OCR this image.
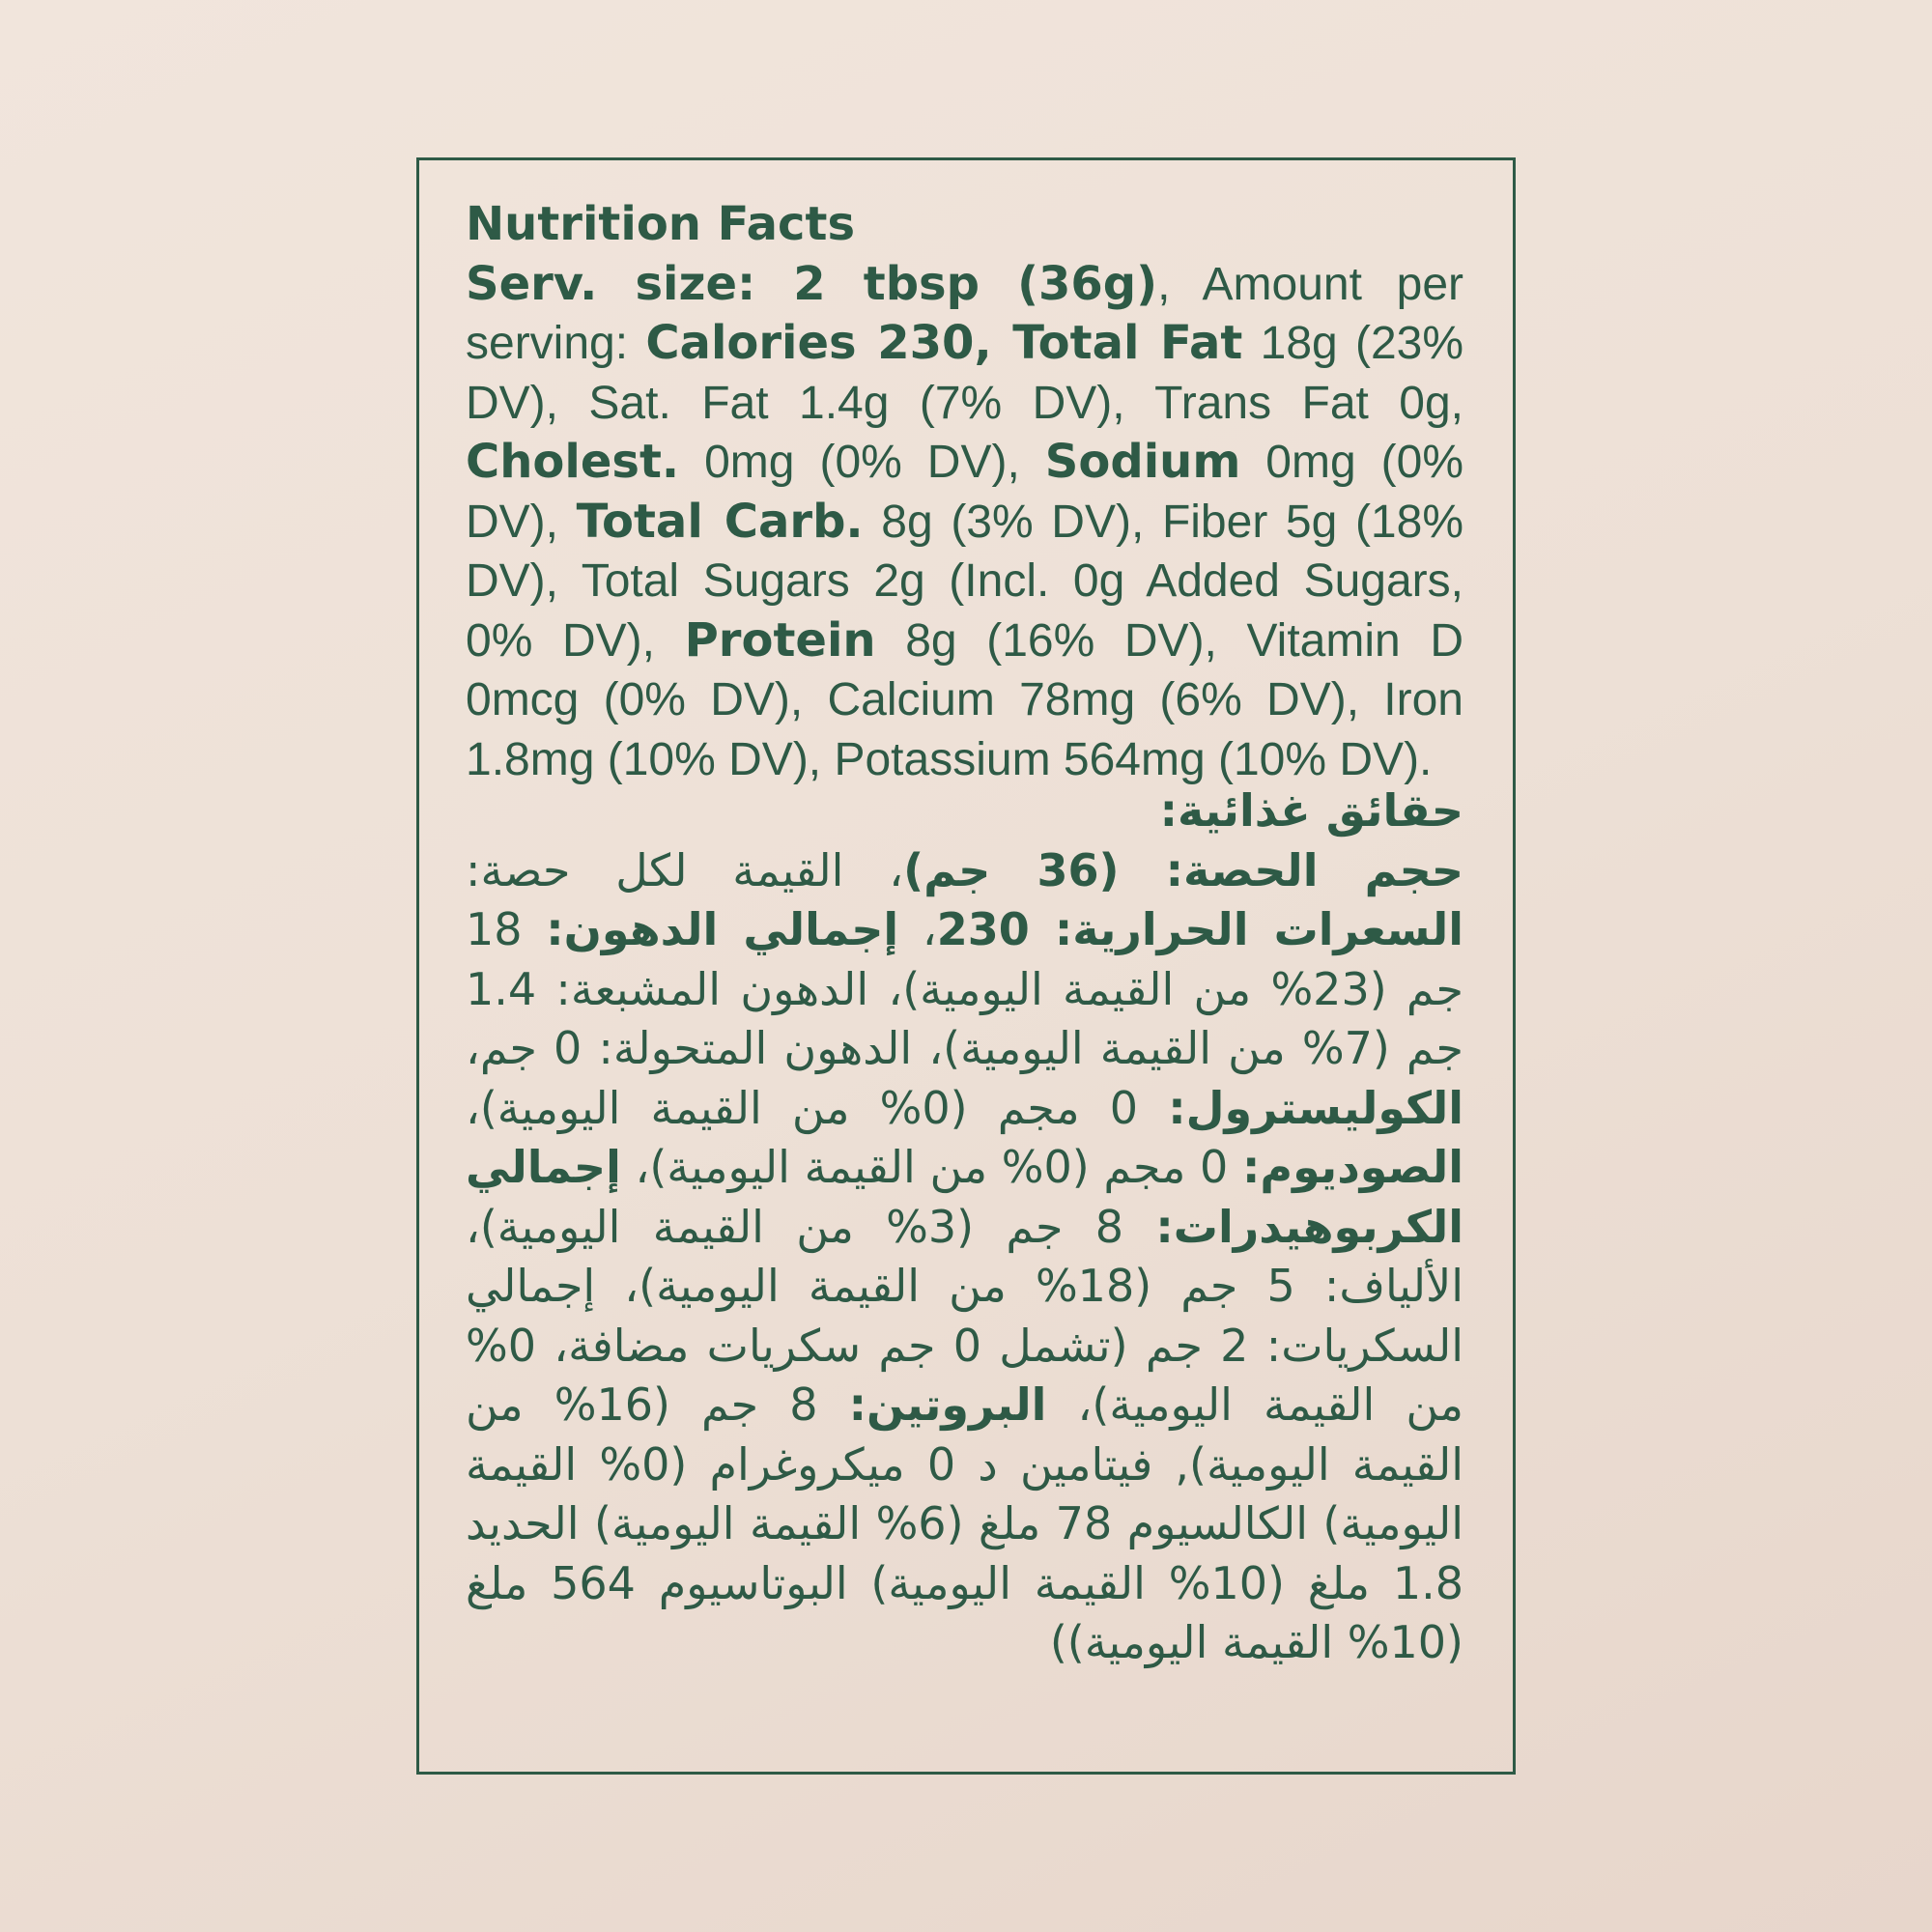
Nutrition Facts

Serv. size: 2 tbsp (36g), Amount per serving: Calories 230, Total Fat 18g (23% DV), Sat. Fat 1.4g (7% DV), Trans Fat 0g, Cholest. 0mg (0% DV), Sodium 0mg (0% DV), Total Carb. 8g (3% DV), Fiber 5g (18% DV), Total Sugars 2g (Incl. 0g Added Sugars, 0% DV), Protein 8g (16% DV), Vitamin D 0mcg (0% DV), Calcium 78mg (6% DV), Iron 1.8mg (10% DV), Potassium 564mg (10% DV).

حقائق غذائية:

حجم الحصة: (36 جم)، القيمة لكل حصة: السعرات الحرارية: 230، إجمالي الدهون: 18 جم (23% من القيمة اليومية)، الدهون المشبعة: 1.4 جم (7% من القيمة اليومية)، الدهون المتحولة: 0 جم، الكوليسترول: 0 مجم (0% من القيمة اليومية)، الصوديوم: 0 مجم (0% من القيمة اليومية)، إجمالي الكربوهيدرات: 8 جم (3% من القيمة اليومية)، الألياف: 5 جم (18% من القيمة اليومية)، إجمالي السكريات: 2 جم (تشمل 0 جم سكريات مضافة، 0% من القيمة اليومية)، البروتين: 8 جم (16% من القيمة اليومية), فيتامين د 0 ميكروغرام (0% القيمة اليومية) الكالسيوم 78 ملغ (6% القيمة اليومية) الحديد 1.8 ملغ (10% القيمة اليومية) البوتاسيوم 564 ملغ (10% القيمة اليومية))
